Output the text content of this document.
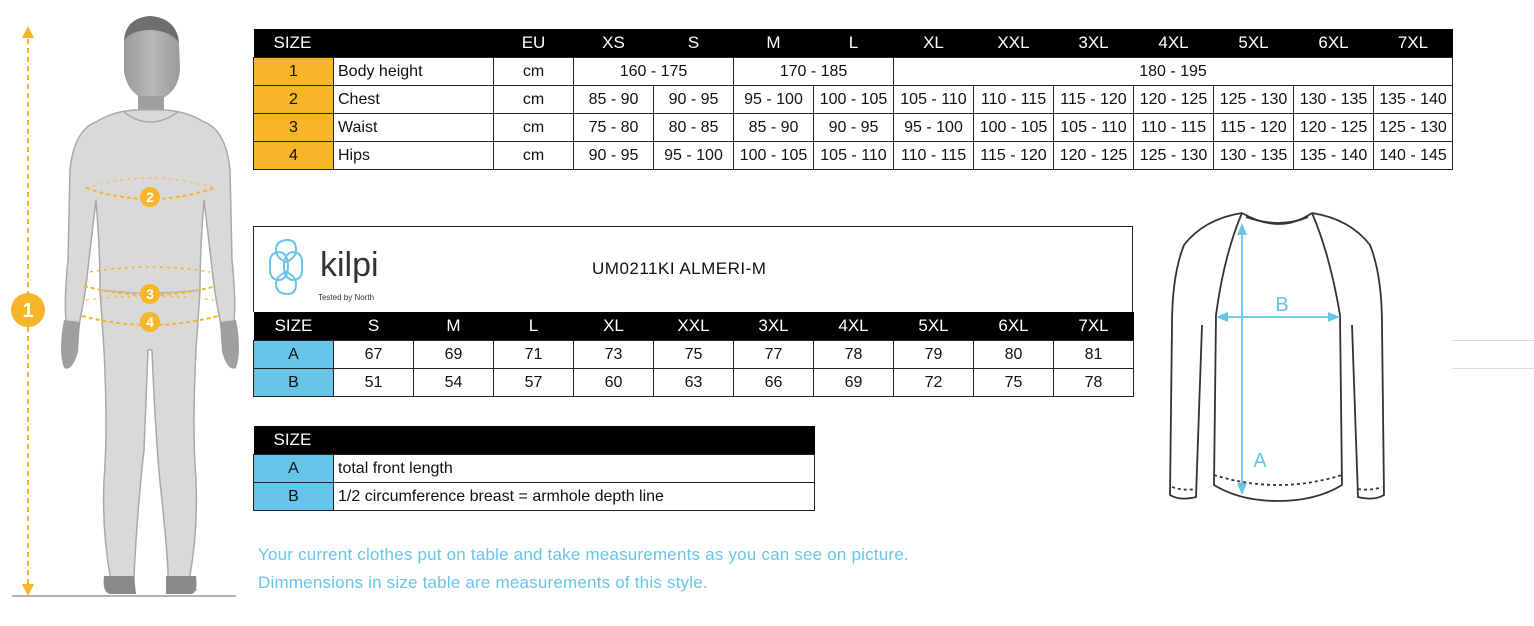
1
2
3
4
SIZE		EU	XS	S	M	L	XL	XXL	3XL	4XL	5XL	6XL	7XL
1	Body height	cm	160 - 175		170 - 185		180 - 195						
2	Chest	cm	85 - 90	90 - 95	95 - 100	100 - 105	105 - 110	110 - 115	115 - 120	120 - 125	125 - 130	130 - 135	135 - 140
3	Waist	cm	75 - 80	80 - 85	85 - 90	90 - 95	95 - 100	100 - 105	105 - 110	110 - 115	115 - 120	120 - 125	125 - 130
4	Hips	cm	90 - 95	95 - 100	100 - 105	105 - 110	110 - 115	115 - 120	120 - 125	125 - 130	130 - 135	135 - 140	140 - 145
kilpi
Tested by North
UM0211KI ALMERI-M
SIZE	S	M	L	XL	XXL	3XL	4XL	5XL	6XL	7XL
A	67	69	71	73	75	77	78	79	80	81
B	51	54	57	60	63	66	69	72	75	78
SIZE	
A	total front length
B	1/2 circumference breast = armhole depth line
Your current clothes put on table and take measurements as you can see on picture.
Dimmensions in size table are measurements of this style.
B
A
